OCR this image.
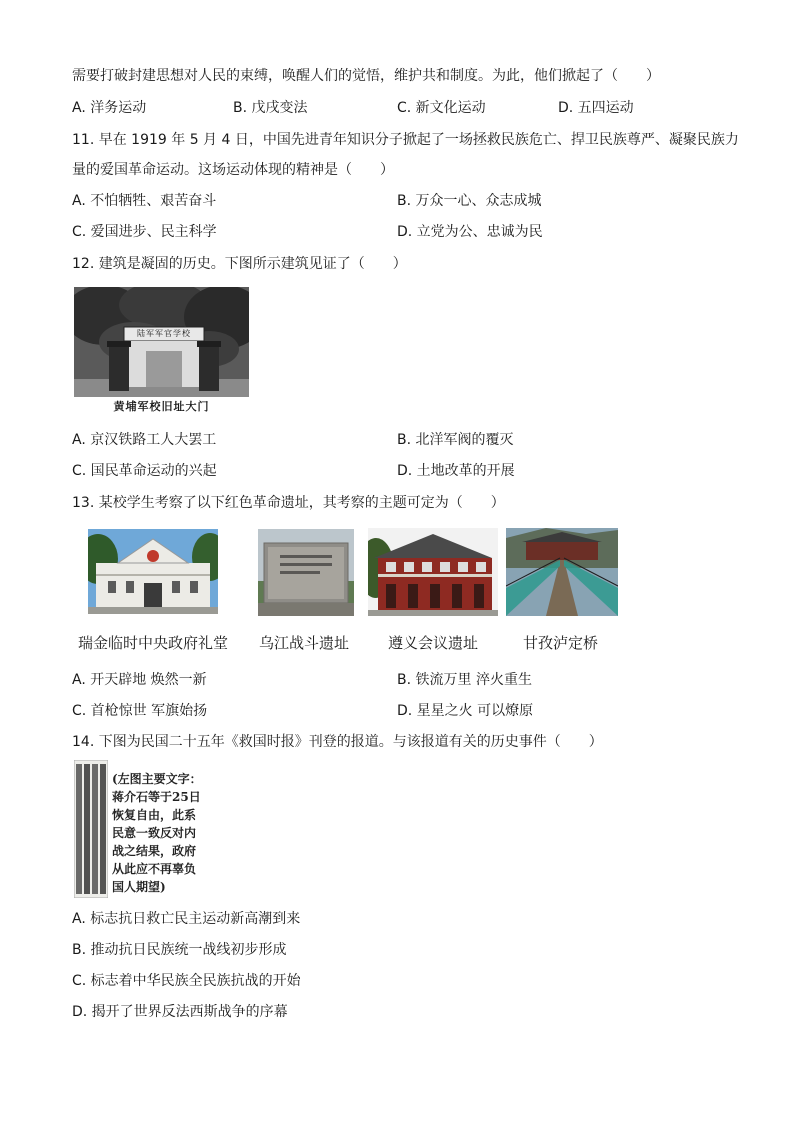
需要打破封建思想对人民的束缚，唤醒人们的觉悟，维护共和制度。为此，他们掀起了（　　）
A. 洋务运动	B. 戊戌变法	C. 新文化运动	D. 五四运动
11. 早在 1919 年 5 月 4 日，中国先进青年知识分子掀起了一场拯救民族危亡、捍卫民族尊严、凝聚民族力
量的爱国革命运动。这场运动体现的精神是（　　）
A. 不怕牺牲、艰苦奋斗	B. 万众一心、众志成城
C. 爱国进步、民主科学	D. 立党为公、忠诚为民
12. 建筑是凝固的历史。下图所示建筑见证了（　　）
陆军军官学校
黄埔军校旧址大门
A. 京汉铁路工人大罢工	B. 北洋军阀的覆灭
C. 国民革命运动的兴起	D. 土地改革的开展
13. 某校学生考察了以下红色革命遗址，其考察的主题可定为（　　）
瑞金临时中央政府礼堂 乌江战斗遗址	遵义会议遗址	甘孜泸定桥
A. 开天辟地 焕然一新	B. 铁流万里 淬火重生
C. 首枪惊世 军旗始扬	D. 星星之火 可以燎原
14. 下图为民国二十五年《救国时报》刊登的报道。与该报道有关的历史事件（　　）
(左图主要文字：
蒋介石等于25日
恢复自由，此系
民意一致反对内
战之结果，政府
从此应不再辜负
国人期望)
A. 标志抗日救亡民主运动新高潮到来
B. 推动抗日民族统一战线初步形成
C. 标志着中华民族全民族抗战的开始
D. 揭开了世界反法西斯战争的序幕
